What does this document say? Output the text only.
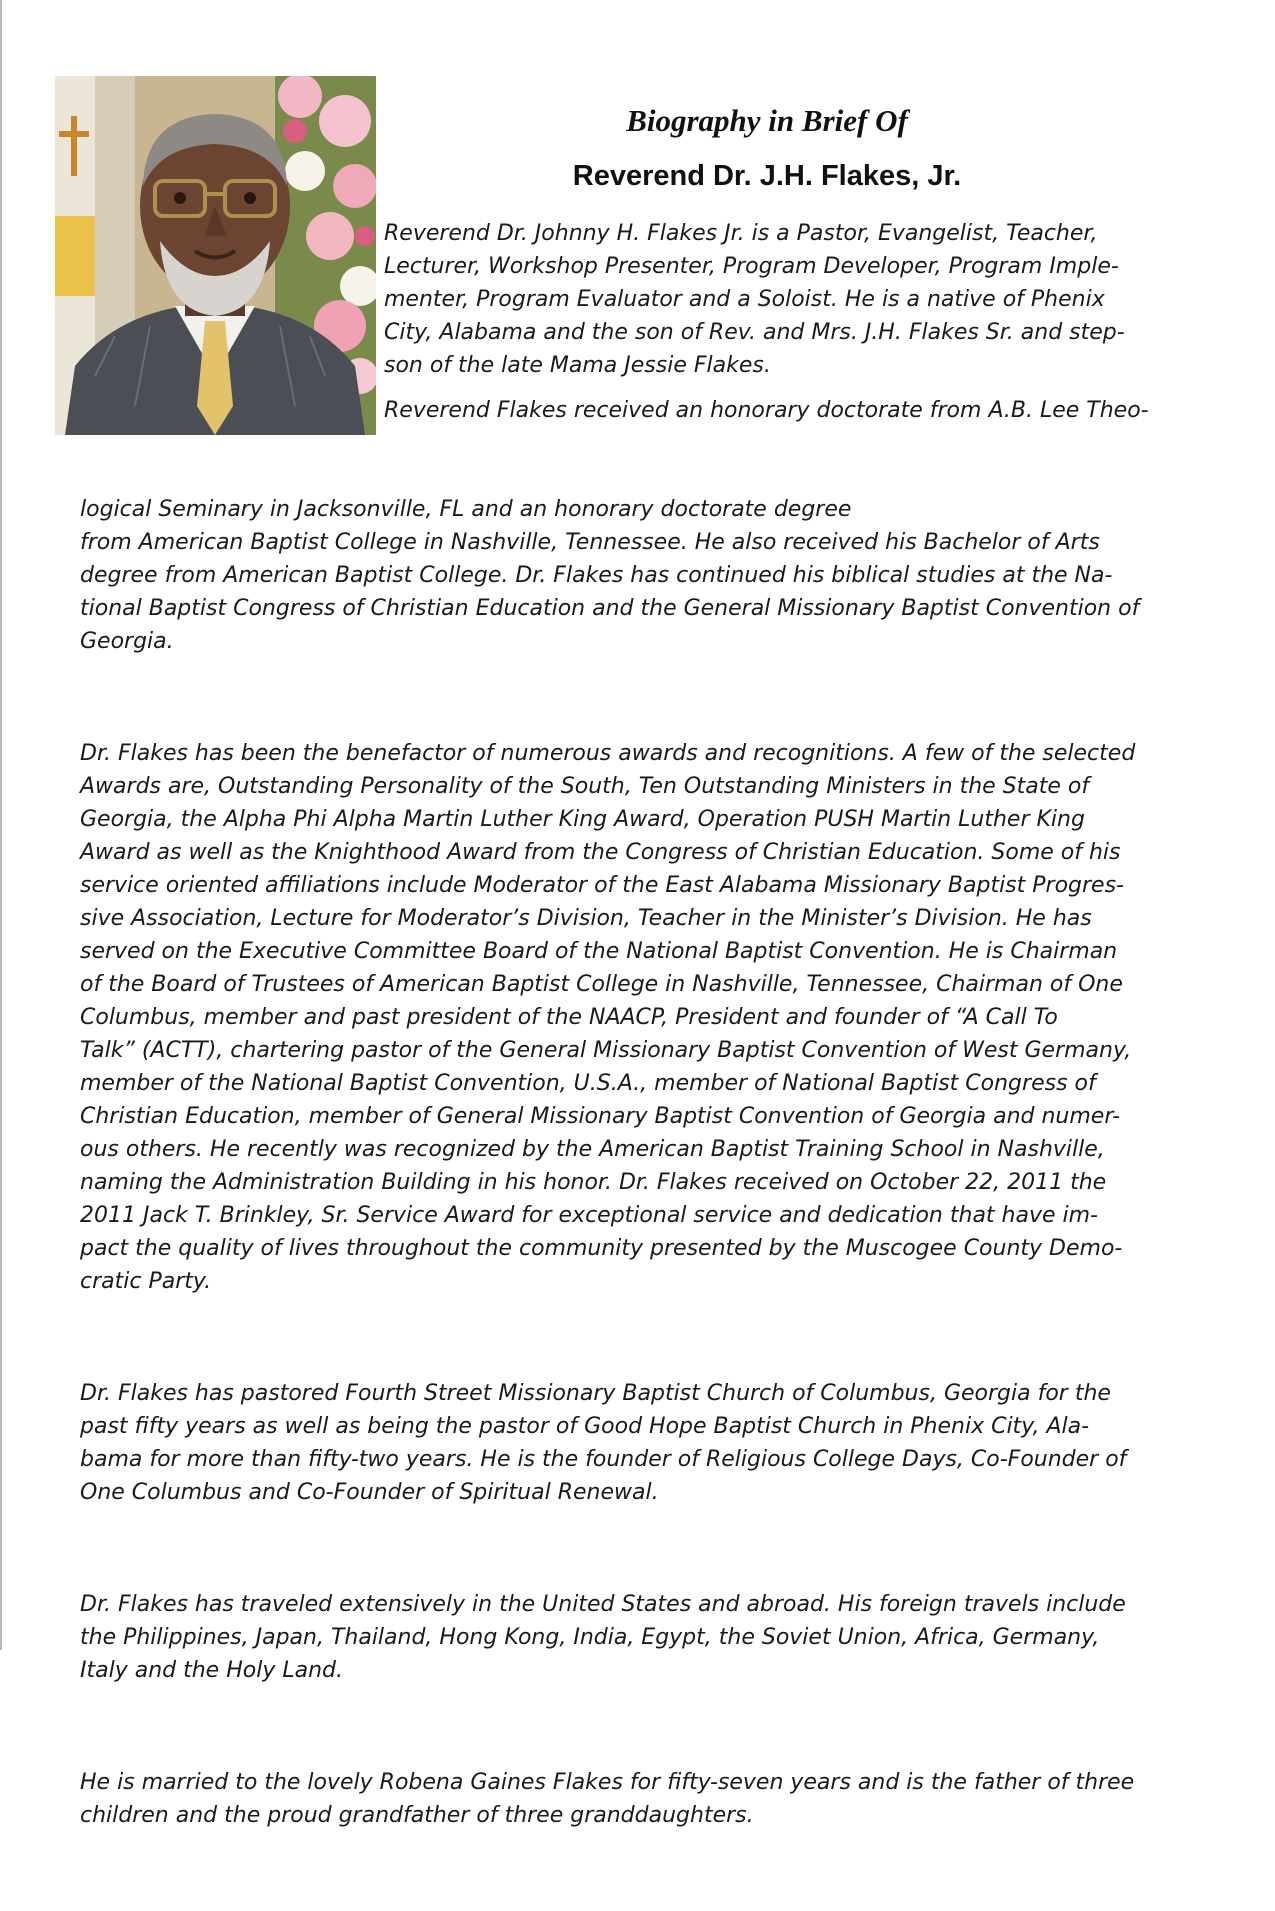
Biography in Brief Of

Reverend Dr. J.H. Flakes, Jr.

Reverend Dr. Johnny H. Flakes Jr. is a Pastor, Evangelist, Teacher,
Lecturer, Workshop Presenter, Program Developer, Program Imple-
menter, Program Evaluator and a Soloist. He is a native of Phenix
City, Alabama and the son of Rev. and Mrs. J.H. Flakes Sr. and step-
son of the late Mama Jessie Flakes.
Reverend Flakes received an honorary doctorate from A.B. Lee Theo-

logical Seminary in Jacksonville, FL and an honorary doctorate degree
from American Baptist College in Nashville, Tennessee. He also received his Bachelor of Arts
degree from American Baptist College. Dr. Flakes has continued his biblical studies at the Na-
tional Baptist Congress of Christian Education and the General Missionary Baptist Convention of
Georgia.

Dr. Flakes has been the benefactor of numerous awards and recognitions. A few of the selected
Awards are, Outstanding Personality of the South, Ten Outstanding Ministers in the State of
Georgia, the Alpha Phi Alpha Martin Luther King Award, Operation PUSH Martin Luther King
Award as well as the Knighthood Award from the Congress of Christian Education. Some of his
service oriented affiliations include Moderator of the East Alabama Missionary Baptist Progres-
sive Association, Lecture for Moderator’s Division, Teacher in the Minister’s Division. He has
served on the Executive Committee Board of the National Baptist Convention. He is Chairman
of the Board of Trustees of American Baptist College in Nashville, Tennessee, Chairman of One
Columbus, member and past president of the NAACP, President and founder of “A Call To
Talk” (ACTT), chartering pastor of the General Missionary Baptist Convention of West Germany,
member of the National Baptist Convention, U.S.A., member of National Baptist Congress of
Christian Education, member of General Missionary Baptist Convention of Georgia and numer-
ous others. He recently was recognized by the American Baptist Training School in Nashville,
naming the Administration Building in his honor. Dr. Flakes received on October 22, 2011 the
2011 Jack T. Brinkley, Sr. Service Award for exceptional service and dedication that have im-
pact the quality of lives throughout the community presented by the Muscogee County Demo-
cratic Party.

Dr. Flakes has pastored Fourth Street Missionary Baptist Church of Columbus, Georgia for the
past fifty years as well as being the pastor of Good Hope Baptist Church in Phenix City, Ala-
bama for more than fifty-two years. He is the founder of Religious College Days, Co-Founder of
One Columbus and Co-Founder of Spiritual Renewal.

Dr. Flakes has traveled extensively in the United States and abroad. His foreign travels include
the Philippines, Japan, Thailand, Hong Kong, India, Egypt, the Soviet Union, Africa, Germany,
Italy and the Holy Land.

He is married to the lovely Robena Gaines Flakes for fifty-seven years and is the father of three
children and the proud grandfather of three granddaughters.
